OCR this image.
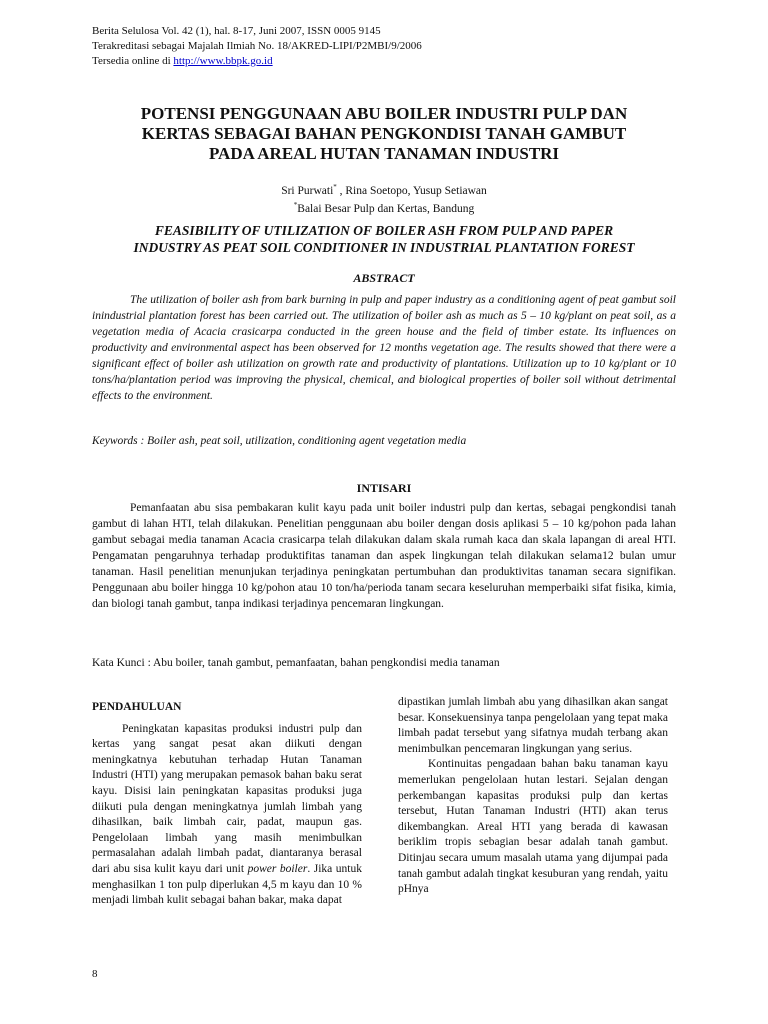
Berita Selulosa Vol. 42 (1), hal. 8-17, Juni 2007, ISSN 0005 9145
Terakreditasi sebagai Majalah Ilmiah No. 18/AKRED-LIPI/P2MBI/9/2006
Tersedia online di http://www.bbpk.go.id
POTENSI PENGGUNAAN ABU BOILER INDUSTRI PULP DAN
KERTAS SEBAGAI BAHAN PENGKONDISI TANAH GAMBUT
PADA AREAL HUTAN TANAMAN INDUSTRI
Sri Purwati* , Rina Soetopo, Yusup Setiawan
*Balai Besar Pulp dan Kertas, Bandung
FEASIBILITY OF UTILIZATION OF BOILER ASH FROM PULP AND PAPER
INDUSTRY AS PEAT SOIL CONDITIONER IN INDUSTRIAL PLANTATION FOREST
ABSTRACT
The utilization of boiler ash from bark burning in pulp and paper industry as a conditioning agent of peat gambut soil inindustrial plantation forest has been carried out. The utilization of boiler ash as much as 5 – 10 kg/plant on peat soil, as a vegetation media of Acacia crasicarpa conducted in the green house and the field of timber estate. Its influences on productivity and environmental aspect has been observed for 12 months vegetation age. The results showed that there were a significant effect of boiler ash utilization on growth rate and productivity of plantations. Utilization up to 10 kg/plant or 10 tons/ha/plantation period was improving the physical, chemical, and biological properties of boiler soil without detrimental effects to the environment.
Keywords : Boiler ash, peat soil, utilization, conditioning agent vegetation media
INTISARI
Pemanfaatan abu sisa pembakaran kulit kayu pada unit boiler industri pulp dan kertas, sebagai pengkondisi tanah gambut di lahan HTI, telah dilakukan. Penelitian penggunaan abu boiler dengan dosis aplikasi 5 – 10 kg/pohon pada lahan gambut sebagai media tanaman Acacia crasicarpa telah dilakukan dalam skala rumah kaca dan skala lapangan di areal HTI. Pengamatan pengaruhnya terhadap produktifitas tanaman dan aspek lingkungan telah dilakukan selama12 bulan umur tanaman. Hasil penelitian menunjukan terjadinya peningkatan pertumbuhan dan produktivitas tanaman secara signifikan. Penggunaan abu boiler hingga 10 kg/pohon atau 10 ton/ha/perioda tanam secara keseluruhan memperbaiki sifat fisika, kimia, dan biologi tanah gambut, tanpa indikasi terjadinya pencemaran lingkungan.
Kata Kunci : Abu boiler, tanah gambut, pemanfaatan, bahan pengkondisi media tanaman
PENDAHULUAN

Peningkatan kapasitas produksi industri pulp dan kertas yang sangat pesat akan diikuti dengan meningkatnya kebutuhan terhadap Hutan Tanaman Industri (HTI) yang merupakan pemasok bahan baku serat kayu. Disisi lain peningkatan kapasitas produksi juga diikuti pula dengan meningkatnya jumlah limbah yang dihasilkan, baik limbah cair, padat, maupun gas. Pengelolaan limbah yang masih menimbulkan permasalahan adalah limbah padat, diantaranya berasal dari abu sisa kulit kayu dari unit power boiler. Jika untuk menghasilkan 1 ton pulp diperlukan 4,5 m kayu dan 10 % menjadi limbah kulit sebagai bahan bakar, maka dapat

dipastikan jumlah limbah abu yang dihasilkan akan sangat besar. Konsekuensinya tanpa pengelolaan yang tepat maka limbah padat tersebut yang sifatnya mudah terbang akan menimbulkan pencemaran lingkungan yang serius.

Kontinuitas pengadaan bahan baku tanaman kayu memerlukan pengelolaan hutan lestari. Sejalan dengan perkembangan kapasitas produksi pulp dan kertas tersebut, Hutan Tanaman Industri (HTI) akan terus dikembangkan. Areal HTI yang berada di kawasan beriklim tropis sebagian besar adalah tanah gambut. Ditinjau secara umum masalah utama yang dijumpai pada tanah gambut adalah tingkat kesuburan yang rendah, yaitu pHnya

8
